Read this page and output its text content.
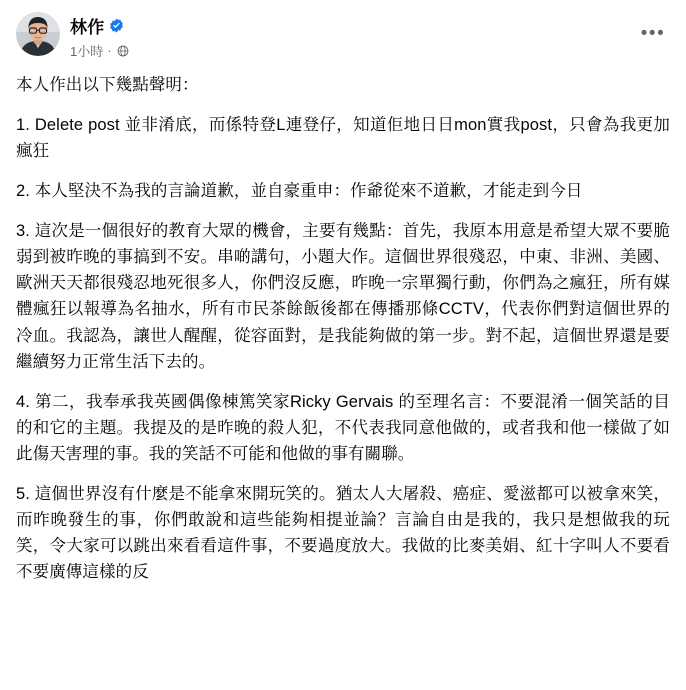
林作
1小時 ·
•••

本人作出以下幾點聲明：

1. Delete post 並非淆底，而係特登L連登仔，知道佢地日日mon實我post，只會為我更加瘋狂

2. 本人堅決不為我的言論道歉，並自豪重申：作爺從來不道歉，才能走到今日

3. 這次是一個很好的教育大眾的機會，主要有幾點：首先，我原本用意是希望大眾不要脆弱到被昨晚的事搞到不安。串啲講句，小題大作。這個世界很殘忍，中東、非洲、美國、歐洲天天都很殘忍地死很多人，你們沒反應，昨晚一宗單獨行動，你們為之瘋狂，所有媒體瘋狂以報導為名抽水，所有市民茶餘飯後都在傳播那條CCTV，代表你們對這個世界的冷血。我認為，讓世人醒醒，從容面對，是我能夠做的第一步。對不起，這個世界還是要繼續努力正常生活下去的。

4. 第二，我奉承我英國偶像棟篤笑家Ricky Gervais 的至理名言：不要混淆一個笑話的目的和它的主題。我提及的是昨晚的殺人犯，不代表我同意他做的，或者我和他一樣做了如此傷天害理的事。我的笑話不可能和他做的事有關聯。

5. 這個世界沒有什麼是不能拿來開玩笑的。猶太人大屠殺、癌症、愛滋都可以被拿來笑，而昨晚發生的事，你們敢說和這些能夠相提並論？言論自由是我的，我只是想做我的玩笑，令大家可以跳出來看看這件事，不要過度放大。我做的比麥美娟、紅十字叫人不要看不要廣傳這樣的反
